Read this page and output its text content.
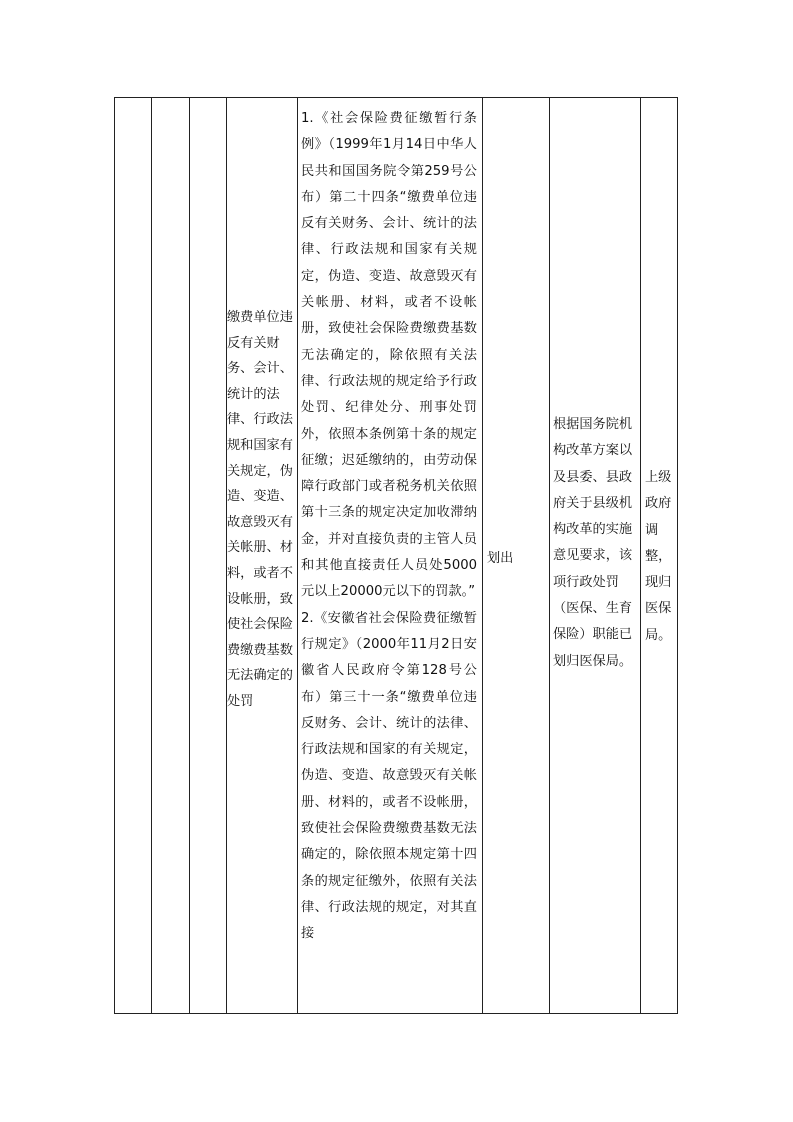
缴费单位违反有关财务、会计、统计的法律、行政法规和国家有关规定，伪造、变造、故意毁灭有关帐册、材料，或者不设帐册，致使社会保险费缴费基数无法确定的处罚

1.《社会保险费征缴暂行条例》（1999年1月14日中华人民共和国国务院令第259号公布）第二十四条“缴费单位违反有关财务、会计、统计的法律、行政法规和国家有关规定，伪造、变造、故意毁灭有关帐册、材料，或者不设帐册，致使社会保险费缴费基数无法确定的，除依照有关法律、行政法规的规定给予行政处罚、纪律处分、刑事处罚外，依照本条例第十条的规定征缴；迟延缴纳的，由劳动保障行政部门或者税务机关依照第十三条的规定决定加收滞纳金，并对直接负责的主管人员和其他直接责任人员处5000元以上20000元以下的罚款。”

2.《安徽省社会保险费征缴暂行规定》（2000年11月2日安徽省人民政府令第128号公布）第三十一条“缴费单位违反财务、会计、统计的法律、行政法规和国家的有关规定，伪造、变造、故意毁灭有关帐册、材料的，或者不设帐册，致使社会保险费缴费基数无法确定的，除依照本规定第十四条的规定征缴外，依照有关法律、行政法规的规定，对其直接

划出
根据国务院机构改革方案以及县委、县政府关于县级机构改革的实施意见要求，该项行政处罚（医保、生育保险）职能已划归医保局。
上级政府调整，现归医保局。
